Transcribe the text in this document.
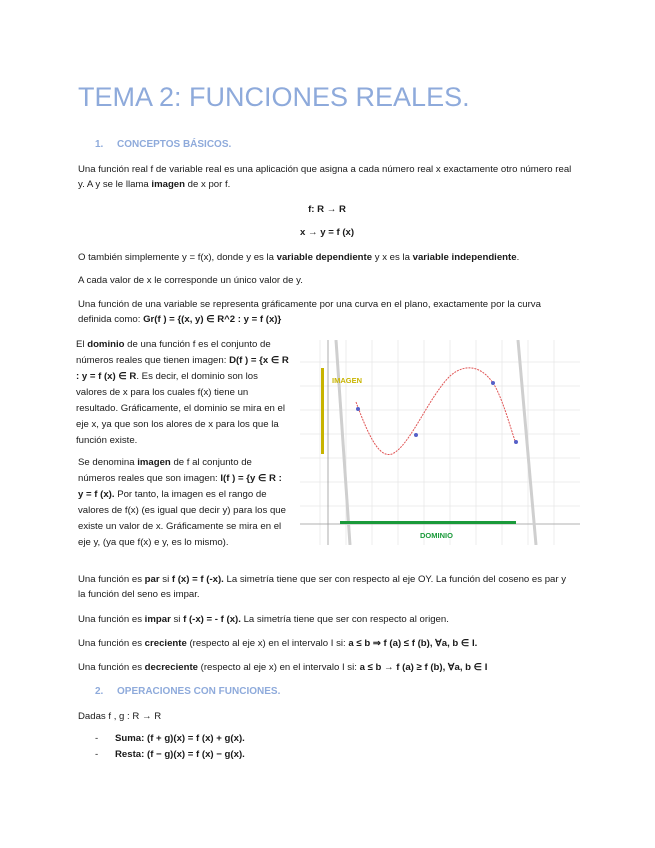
TEMA 2: FUNCIONES REALES.

1. CONCEPTOS BÁSICOS.

Una función real f de variable real es una aplicación que asigna a cada número real x exactamente otro número real y. A y se le llama imagen de x por f.

f: R → R

x → y = f (x)

O también simplemente y = f(x), donde y es la variable dependiente y x es la variable independiente.

A cada valor de x le corresponde un único valor de y.

Una función de una variable se representa gráficamente por una curva en el plano, exactamente por la curva definida como: Gr(f ) = {(x, y) ∈ R^2 : y = f (x)}

El dominio de una función f es el conjunto de números reales que tienen imagen: D(f ) = {x ∈ R : y = f (x) ∈ R. Es decir, el dominio son los valores de x para los cuales f(x) tiene un resultado. Gráficamente, el dominio se mira en el eje x, ya que son los alores de x para los que la función existe.

Se denomina imagen de f al conjunto de números reales que son imagen: I(f ) = {y ∈ R : y = f (x). Por tanto, la imagen es el rango de valores de f(x) (es igual que decir y) para los que existe un valor de x. Gráficamente se mira en el eje y, (ya que f(x) e y, es lo mismo).

IMAGEN
DOMINIO

Una función es par si f (x) = f (-x). La simetría tiene que ser con respecto al eje OY. La función del coseno es par y la función del seno es impar.

Una función es impar si f (-x) = - f (x). La simetría tiene que ser con respecto al origen.

Una función es creciente (respecto al eje x) en el intervalo I si: a ≤ b ⇒ f (a) ≤ f (b), ∀a, b ∈ I.

Una función es decreciente (respecto al eje x) en el intervalo I si: a ≤ b → f (a) ≥ f (b), ∀a, b ∈ I

2. OPERACIONES CON FUNCIONES.

Dadas f , g : R → R

- Suma: (f + g)(x) = f (x) + g(x).

- Resta: (f − g)(x) = f (x) − g(x).
